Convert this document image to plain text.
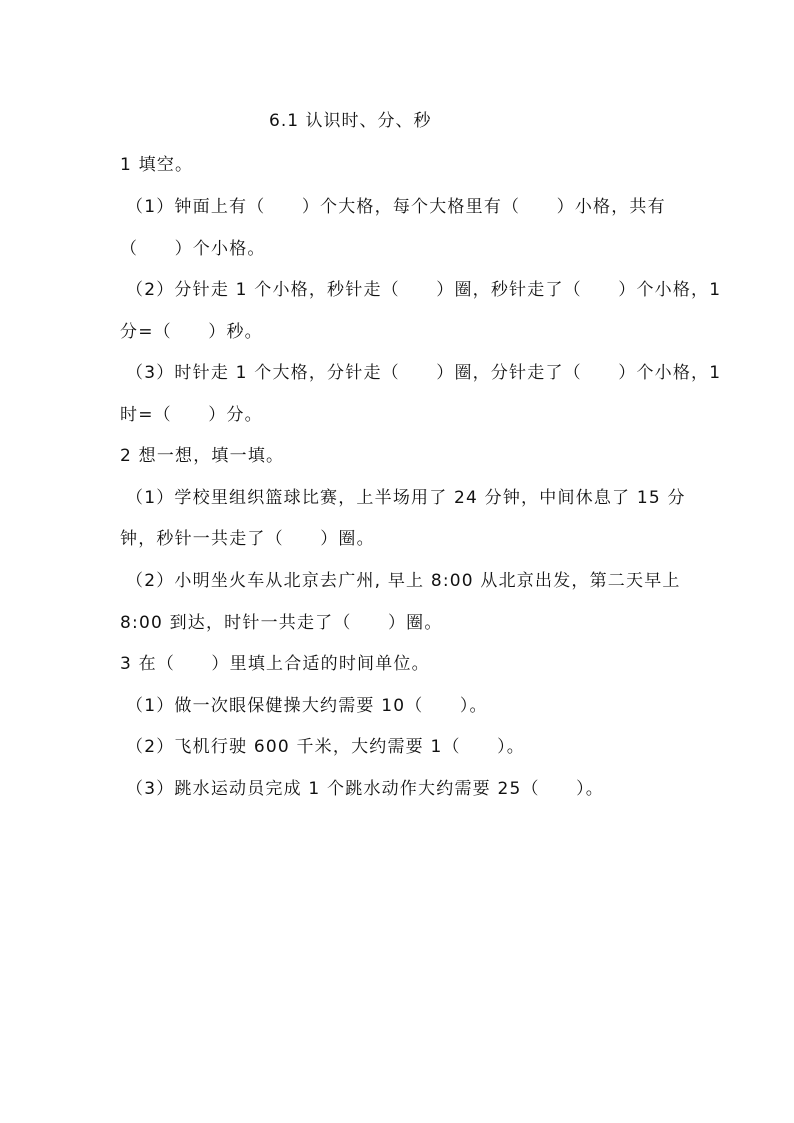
6.1 认识时、分、秒
1 填空。
（1）钟面上有（　　）个大格，每个大格里有（　　）小格，共有
（　　）个小格。
（2）分针走 1 个小格，秒针走（　　）圈，秒针走了（　　）个小格，1
分=（　　）秒。
（3）时针走 1 个大格，分针走（　　）圈，分针走了（　　）个小格，1
时=（　　）分。
2 想一想，填一填。
（1）学校里组织篮球比赛，上半场用了 24 分钟，中间休息了 15 分
钟，秒针一共走了（　　）圈。
（2）小明坐火车从北京去广州, 早上 8:00 从北京出发，第二天早上
8:00 到达，时针一共走了（　　）圈。
3 在（　　）里填上合适的时间单位。
（1）做一次眼保健操大约需要 10（　　）。
（2）飞机行驶 600 千米，大约需要 1（　　）。
（3）跳水运动员完成 1 个跳水动作大约需要 25（　　）。
